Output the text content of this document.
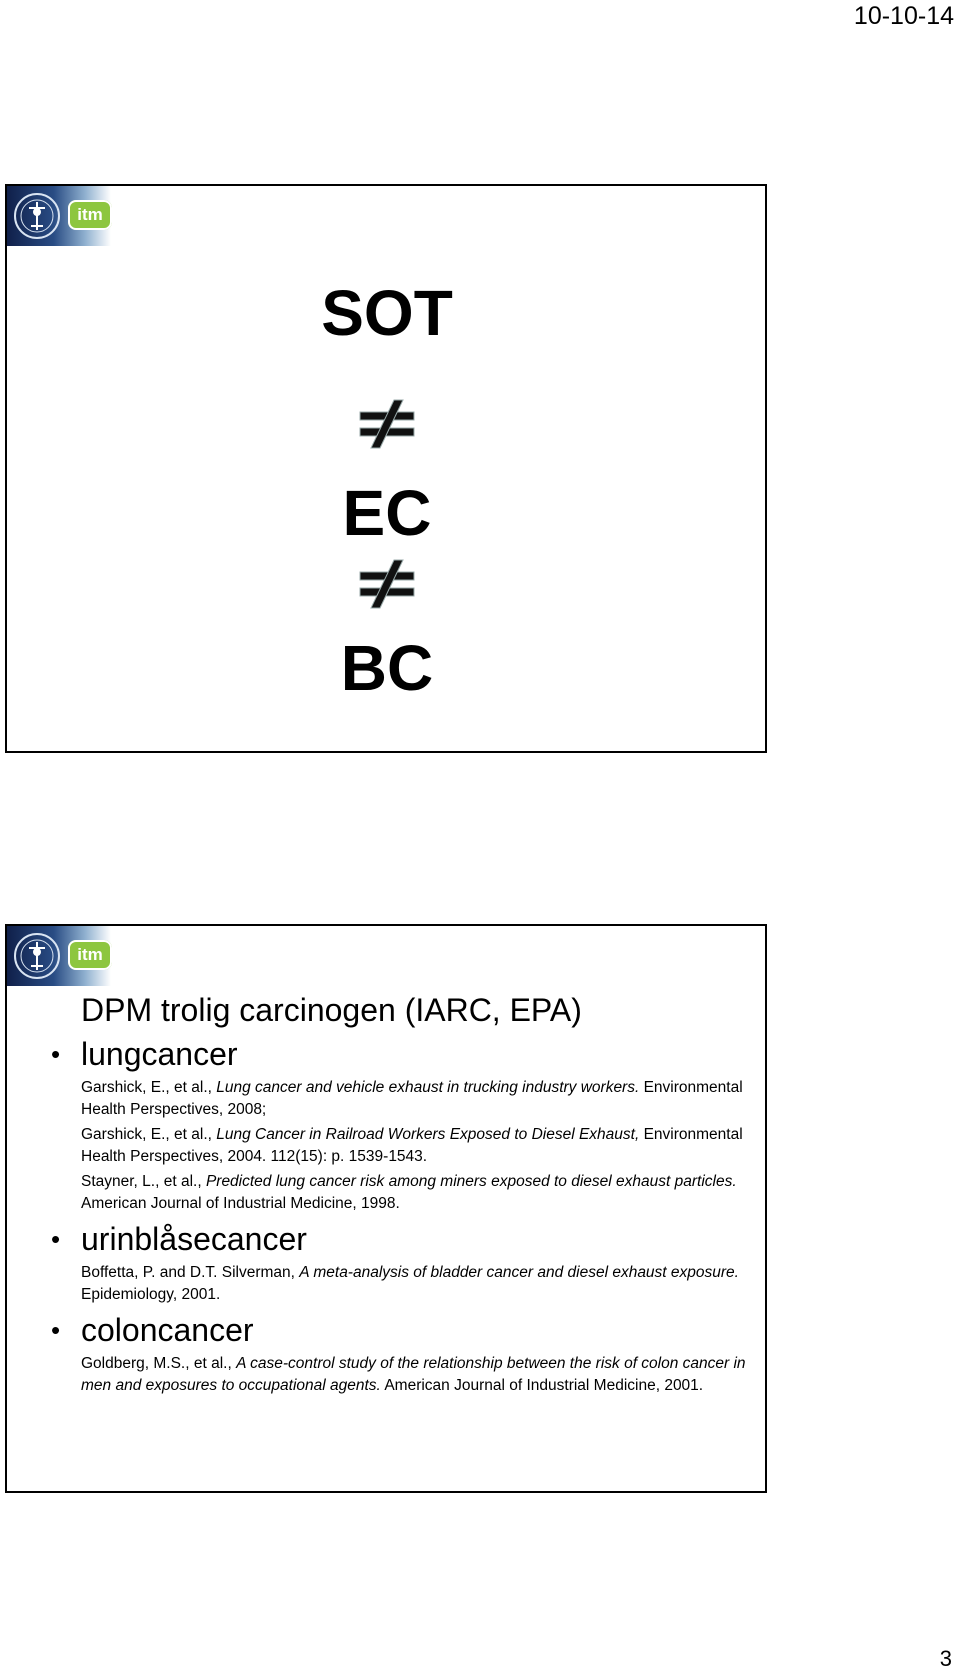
10-10-14
itm
SOT
EC
BC
itm
DPM trolig carcinogen (IARC, EPA)
• lungcancer
Garshick, E., et al., Lung cancer and vehicle exhaust in trucking industry workers. Environmental Health Perspectives, 2008;
Garshick, E., et al., Lung Cancer in Railroad Workers Exposed to Diesel Exhaust, Environmental Health Perspectives, 2004. 112(15): p. 1539-1543.
Stayner, L., et al., Predicted lung cancer risk among miners exposed to diesel exhaust particles. American Journal of Industrial Medicine, 1998.
• urinblåsecancer
Boffetta, P. and D.T. Silverman, A meta-analysis of bladder cancer and diesel exhaust exposure. Epidemiology, 2001.
• coloncancer
Goldberg, M.S., et al., A case-control study of the relationship between the risk of colon cancer in men and exposures to occupational agents. American Journal of Industrial Medicine, 2001.
3
